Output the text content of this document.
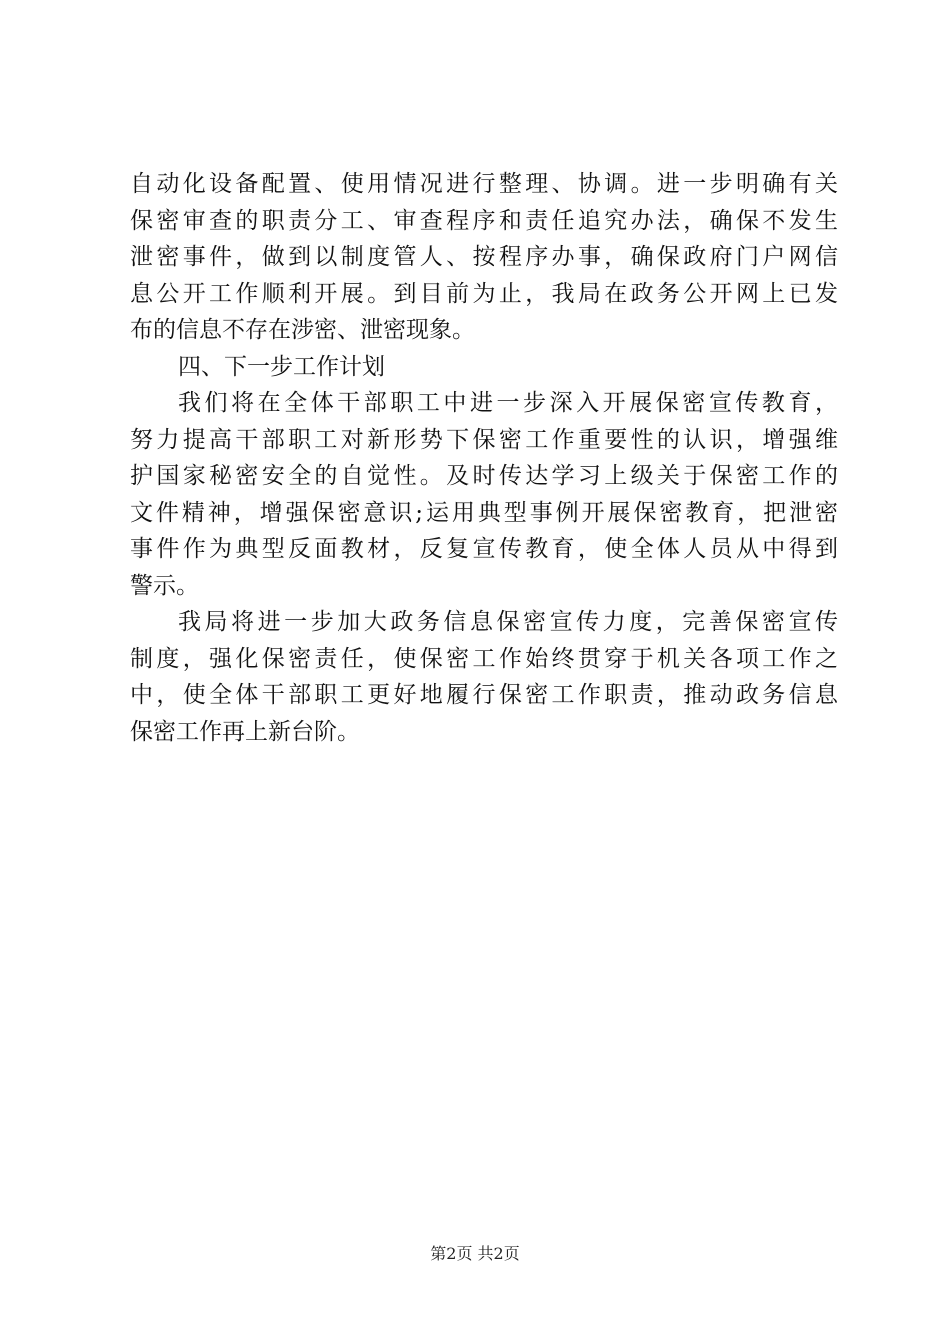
自动化设备配置、使用情况进行整理、协调。进一步明确有关
保密审查的职责分工、审查程序和责任追究办法，确保不发生
泄密事件，做到以制度管人、按程序办事，确保政府门户网信
息公开工作顺利开展。到目前为止，我局在政务公开网上已发
布的信息不存在涉密、泄密现象。
四、下一步工作计划
我们将在全体干部职工中进一步深入开展保密宣传教育，
努力提高干部职工对新形势下保密工作重要性的认识，增强维
护国家秘密安全的自觉性。及时传达学习上级关于保密工作的
文件精神，增强保密意识;运用典型事例开展保密教育，把泄密
事件作为典型反面教材，反复宣传教育，使全体人员从中得到
警示。
我局将进一步加大政务信息保密宣传力度，完善保密宣传
制度，强化保密责任，使保密工作始终贯穿于机关各项工作之
中，使全体干部职工更好地履行保密工作职责，推动政务信息
保密工作再上新台阶。
第2页 共2页
